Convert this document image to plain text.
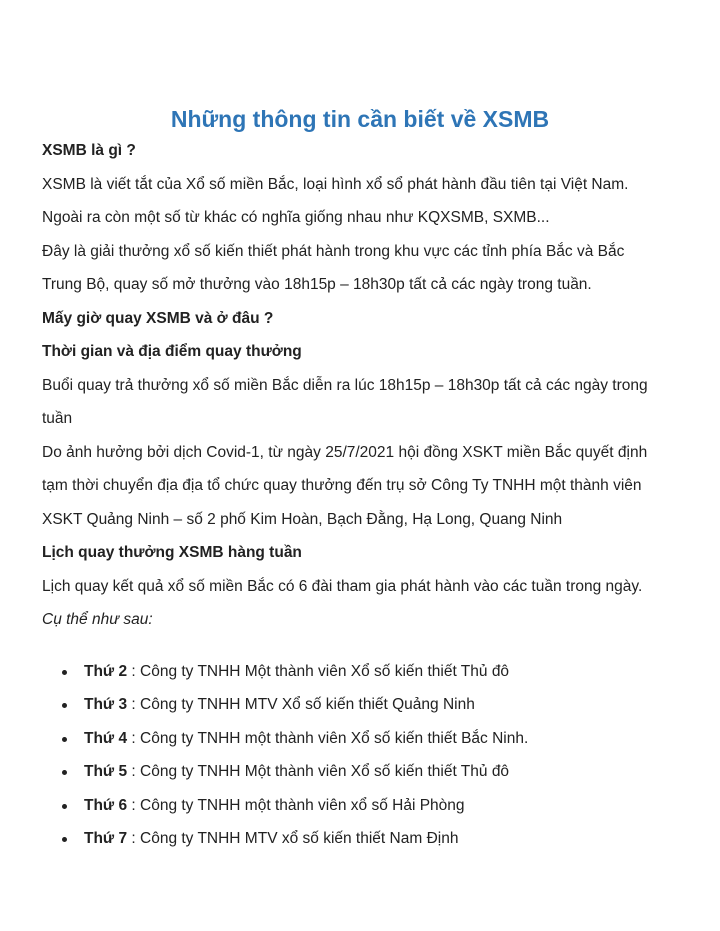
Những thông tin cần biết về XSMB

XSMB là gì ?

XSMB là viết tắt của Xổ số miền Bắc, loại hình xổ sổ phát hành đầu tiên tại Việt Nam.

Ngoài ra còn một số từ khác có nghĩa giống nhau như KQXSMB, SXMB...

Đây là giải thưởng xổ số kiến thiết phát hành trong khu vực các tỉnh phía Bắc và Bắc

Trung Bộ, quay số mở thưởng vào 18h15p – 18h30p tất cả các ngày trong tuần.

Mấy giờ quay XSMB và ở đâu ?

Thời gian và địa điểm quay thưởng

Buổi quay trả thưởng xổ số miền Bắc diễn ra lúc 18h15p – 18h30p tất cả các ngày trong

tuần

Do ảnh hưởng bởi dịch Covid-1, từ ngày 25/7/2021 hội đồng XSKT miền Bắc quyết định

tạm thời chuyển địa địa tổ chức quay thưởng đến trụ sở Công Ty TNHH một thành viên

XSKT Quảng Ninh – số 2 phố Kim Hoàn, Bạch Đằng, Hạ Long, Quang Ninh

Lịch quay thưởng XSMB hàng tuần

Lịch quay kết quả xổ số miền Bắc có 6 đài tham gia phát hành vào các tuần trong ngày.

Cụ thể như sau:

Thứ 2 : Công ty TNHH Một thành viên Xổ số kiến thiết Thủ đô
Thứ 3 : Công ty TNHH MTV Xổ số kiến thiết Quảng Ninh
Thứ 4 : Công ty TNHH một thành viên Xổ số kiến thiết Bắc Ninh.
Thứ 5 : Công ty TNHH Một thành viên Xổ số kiến thiết Thủ đô
Thứ 6 : Công ty TNHH một thành viên xổ số Hải Phòng
Thứ 7 : Công ty TNHH MTV xổ số kiến thiết Nam Định
